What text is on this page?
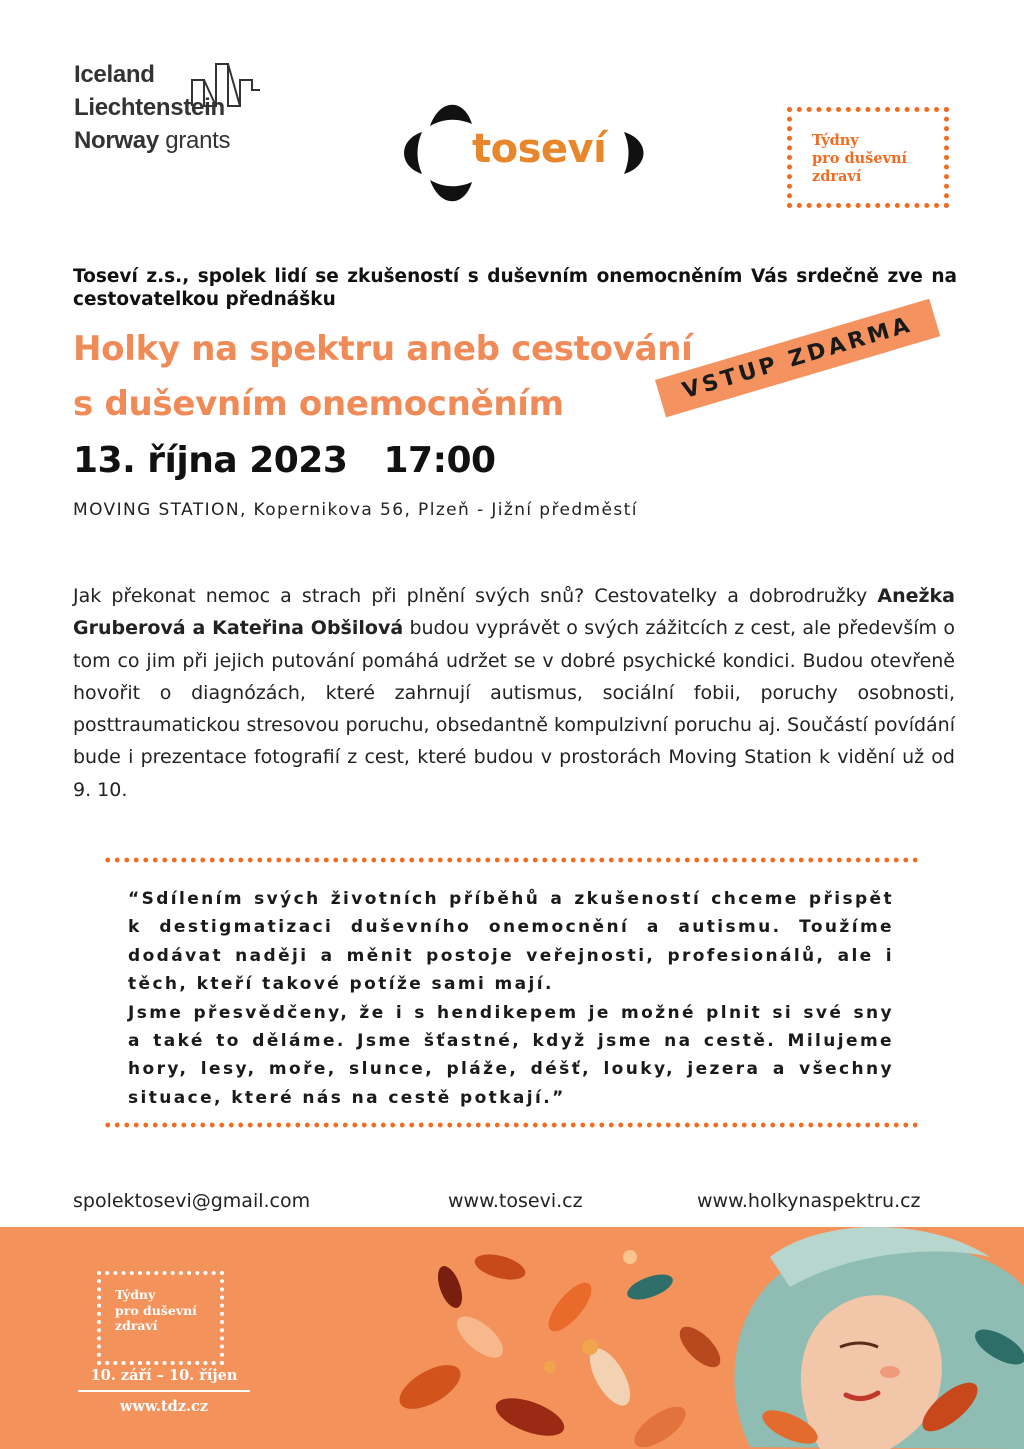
Iceland
Liechtenstein
Norway grants	toseví	Týdny
pro duševní
zdraví
Toseví z.s., spolek lidí se zkušeností s duševním onemocněním Vás srdečně zve na cestovatelkou přednášku
Holky na spektru aneb cestování
s duševním onemocněním
13. října 2023   17:00
MOVING STATION, Kopernikova 56, Plzeň - Jižní předměstí
VSTUP ZDARMA
Jak překonat nemoc a strach při plnění svých snů? Cestovatelky a dobrodružky Anežka Gruberová a Kateřina Obšilová budou vyprávět o svých zážitcích z cest, ale především o tom co jim při jejich putování pomáhá udržet se v dobré psychické kondici. Budou otevřeně hovořit o diagnózách, které zahrnují autismus, sociální fobii, poruchy osobnosti, posttraumatickou stresovou poruchu, obsedantně kompulzivní poruchu aj. Součástí povídání bude i prezentace fotografií z cest, které budou v prostorách Moving Station k vidění už od 9. 10.
“Sdílením svých životních příběhů a zkušeností chceme přispět k destigmatizaci duševního onemocnění a autismu. Toužíme dodávat naději a měnit postoje veřejnosti, profesionálů, ale i těch, kteří takové potíže sami mají.
Jsme přesvědčeny, že i s hendikepem je možné plnit si své sny a také to děláme. Jsme šťastné, když jsme na cestě. Milujeme hory, lesy, moře, slunce, pláže, déšť, louky, jezera a všechny situace, které nás na cestě potkají.”
spolektosevi@gmail.com	www.tosevi.cz	www.holkynaspektru.cz
Týdny
pro duševní
zdraví
10. září – 10. říjen
www.tdz.cz
